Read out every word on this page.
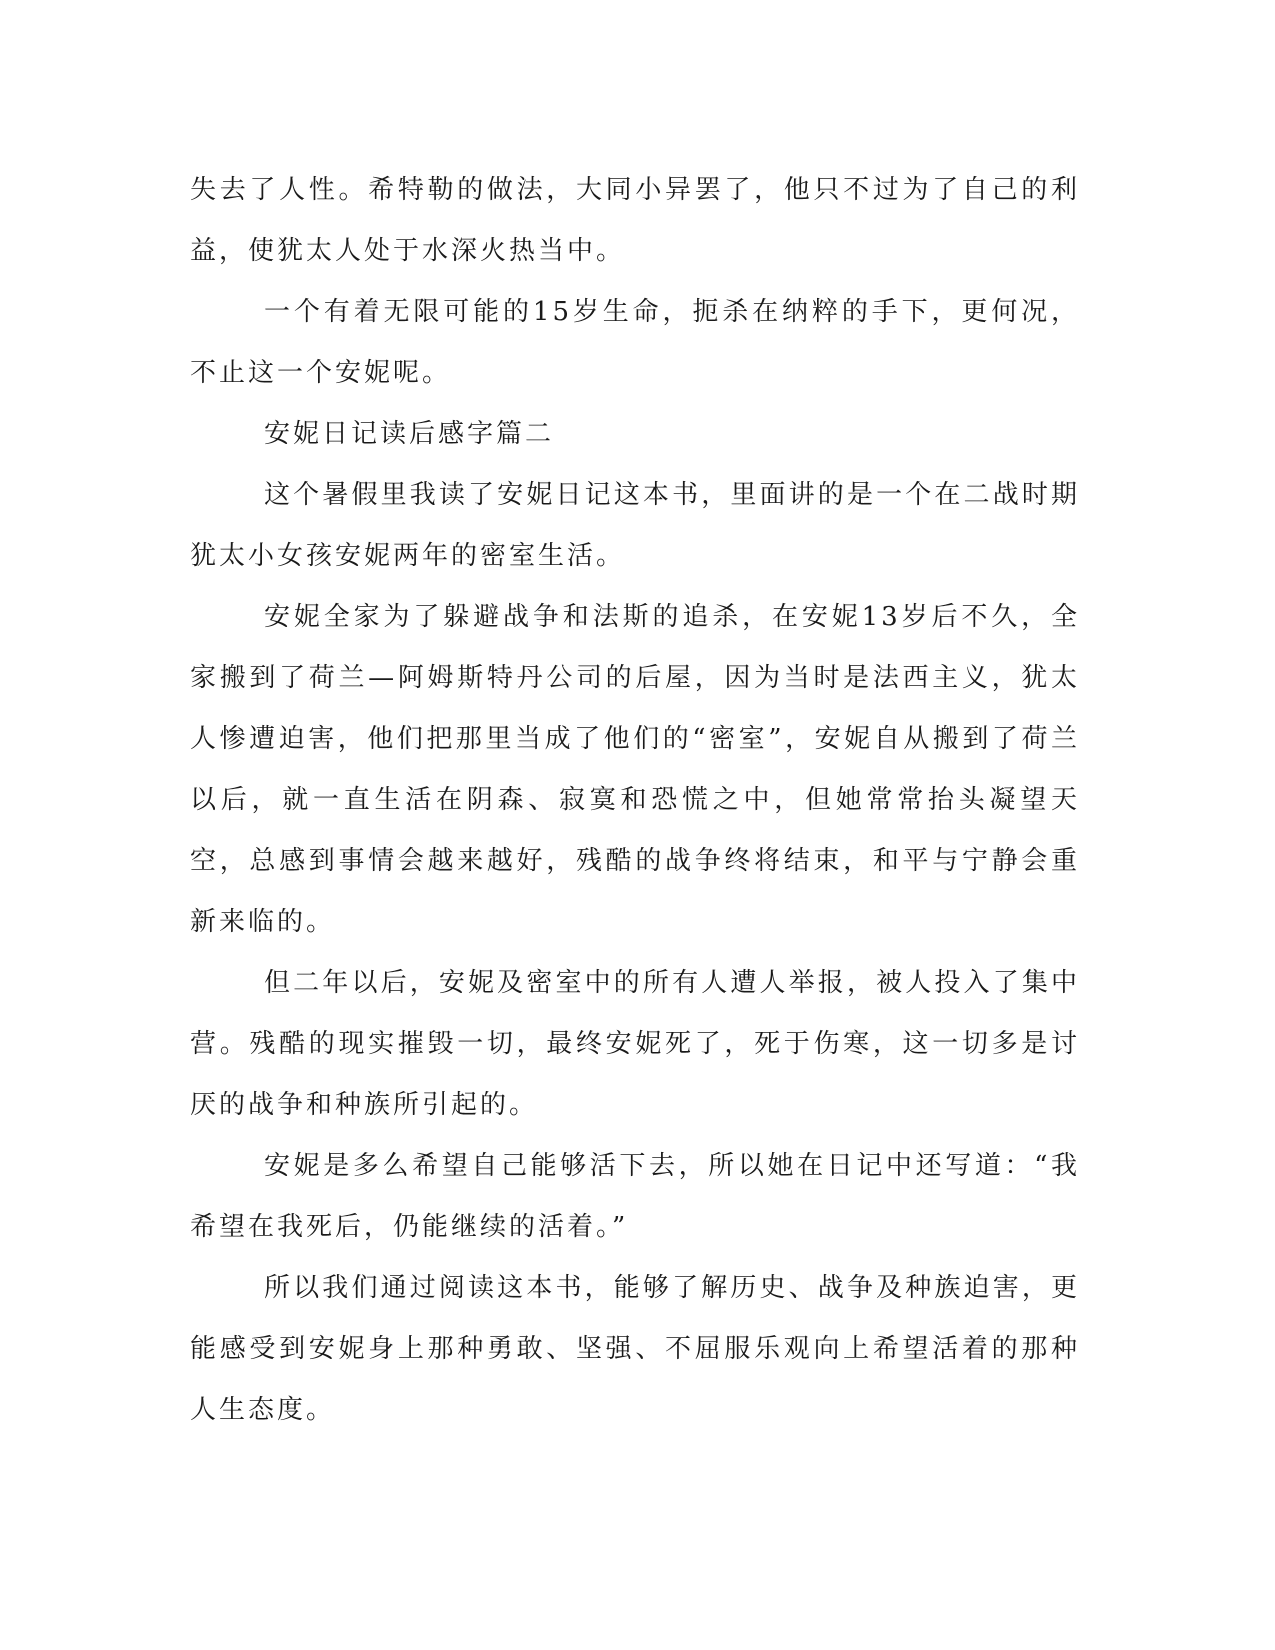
失去了人性。希特勒的做法，大同小异罢了，他只不过为了自己的利益，使犹太人处于水深火热当中。

一个有着无限可能的15岁生命，扼杀在纳粹的手下，更何况，不止这一个安妮呢。

安妮日记读后感字篇二

这个暑假里我读了安妮日记这本书，里面讲的是一个在二战时期犹太小女孩安妮两年的密室生活。

安妮全家为了躲避战争和法斯的追杀，在安妮13岁后不久，全家搬到了荷兰—阿姆斯特丹公司的后屋，因为当时是法西主义，犹太人惨遭迫害，他们把那里当成了他们的“密室”，安妮自从搬到了荷兰以后，就一直生活在阴森、寂寞和恐慌之中，但她常常抬头凝望天空，总感到事情会越来越好，残酷的战争终将结束，和平与宁静会重新来临的。

但二年以后，安妮及密室中的所有人遭人举报，被人投入了集中营。残酷的现实摧毁一切，最终安妮死了，死于伤寒，这一切多是讨厌的战争和种族所引起的。

安妮是多么希望自己能够活下去，所以她在日记中还写道：“我希望在我死后，仍能继续的活着。”

所以我们通过阅读这本书，能够了解历史、战争及种族迫害，更能感受到安妮身上那种勇敢、坚强、不屈服乐观向上希望活着的那种人生态度。
